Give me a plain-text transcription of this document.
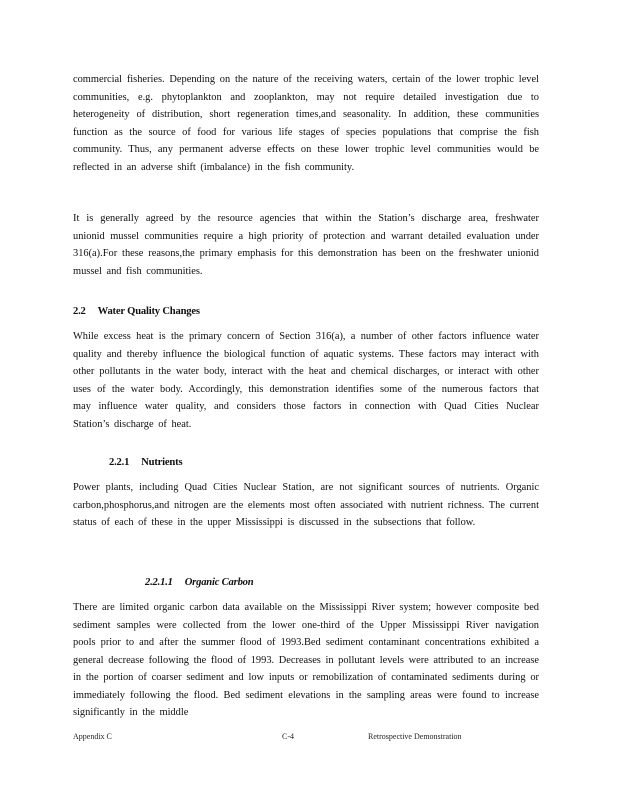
commercial fisheries. Depending on the nature of the receiving waters, certain of the lower trophic level communities, e.g. phytoplankton and zooplankton, may not require detailed investigation due to heterogeneity of distribution, short regeneration times,and seasonality. In addition, these communities function as the source of food for various life stages of species populations that comprise the fish community. Thus, any permanent adverse effects on these lower trophic level communities would be reflected in an adverse shift (imbalance) in the fish community.

It is generally agreed by the resource agencies that within the Station’s discharge area, freshwater unionid mussel communities require a high priority of protection and warrant detailed evaluation under 316(a).For these reasons,the primary emphasis for this demonstration has been on the freshwater unionid mussel and fish communities.

2.2 Water Quality Changes

While excess heat is the primary concern of Section 316(a), a number of other factors influence water quality and thereby influence the biological function of aquatic systems. These factors may interact with other pollutants in the water body, interact with the heat and chemical discharges, or interact with other uses of the water body. Accordingly, this demonstration identifies some of the numerous factors that may influence water quality, and considers those factors in connection with Quad Cities Nuclear Station’s discharge of heat.

2.2.1 Nutrients

Power plants, including Quad Cities Nuclear Station, are not significant sources of nutrients. Organic carbon,phosphorus,and nitrogen are the elements most often associated with nutrient richness. The current status of each of these in the upper Mississippi is discussed in the subsections that follow.

2.2.1.1 Organic Carbon

There are limited organic carbon data available on the Mississippi River system; however composite bed sediment samples were collected from the lower one-third of the Upper Mississippi River navigation pools prior to and after the summer flood of 1993.Bed sediment contaminant concentrations exhibited a general decrease following the flood of 1993. Decreases in pollutant levels were attributed to an increase in the portion of coarser sediment and low inputs or remobilization of contaminated sediments during or immediately following the flood. Bed sediment elevations in the sampling areas were found to increase significantly in the middle

Appendix C	C-4	Retrospective Demonstration
